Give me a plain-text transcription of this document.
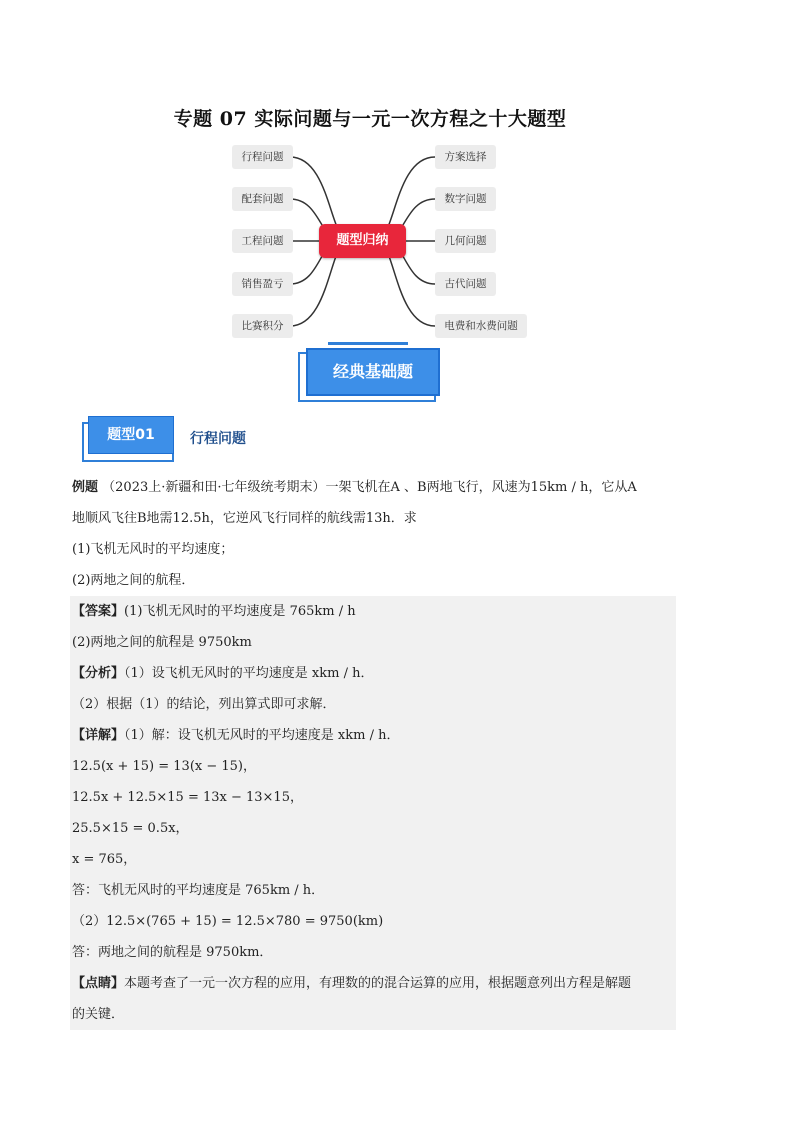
专题 07 实际问题与一元一次方程之十大题型
行程问题
配套问题
工程问题
销售盈亏
比赛积分
方案选择
数字问题
几何问题
古代问题
电费和水费问题
题型归纳
经典基础题
题型01	行程问题
例题 （2023上·新疆和田·七年级统考期末）一架飞机在A 、B两地飞行，风速为15km / h，它从A
地顺风飞往B地需12.5h，它逆风飞行同样的航线需13h．求
(1)飞机无风时的平均速度；
(2)两地之间的航程．
【答案】(1)飞机无风时的平均速度是 765km / h
(2)两地之间的航程是 9750km
【分析】（1）设飞机无风时的平均速度是 xkm / h．
（2）根据（1）的结论，列出算式即可求解．
【详解】（1）解：设飞机无风时的平均速度是 xkm / h．
12.5(x + 15) = 13(x − 15)，
12.5x + 12.5×15 = 13x − 13×15，
25.5×15 = 0.5x，
x = 765，
答：飞机无风时的平均速度是 765km / h．
（2）12.5×(765 + 15) = 12.5×780 = 9750(km)
答：两地之间的航程是 9750km．
【点睛】本题考查了一元一次方程的应用，有理数的的混合运算的应用，根据题意列出方程是解题
的关键．
